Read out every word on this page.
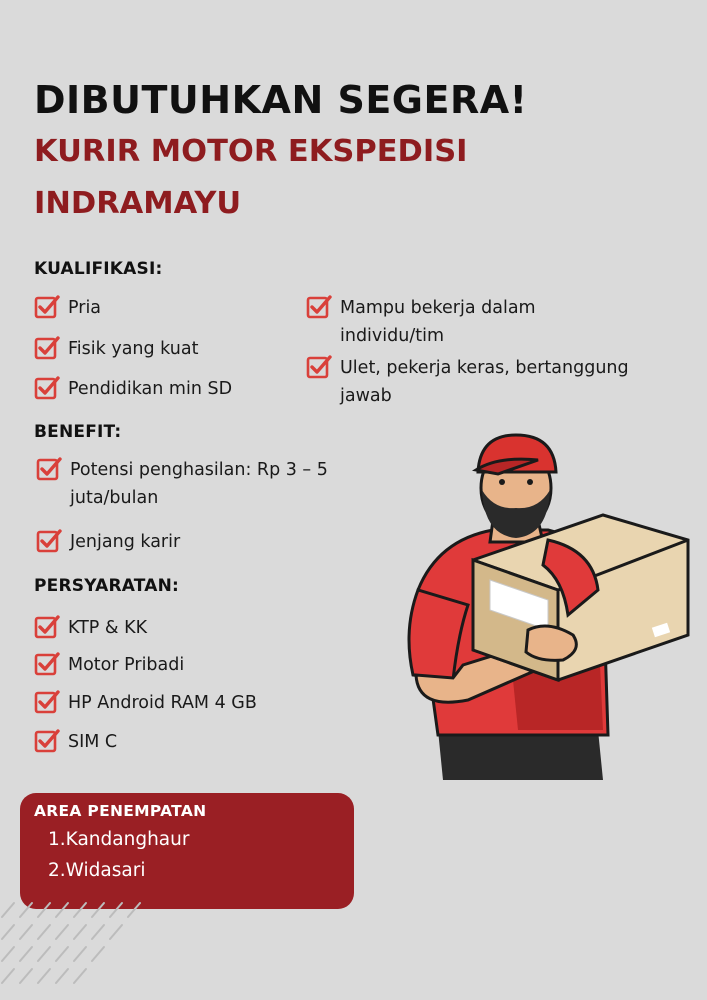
DIBUTUHKAN SEGERA!
KURIR MOTOR EKSPEDISI INDRAMAYU
KUALIFIKASI:
Pria
Fisik yang kuat
Pendidikan min SD
Mampu bekerja dalam
individu/tim
Ulet, pekerja keras, bertanggung
jawab
BENEFIT:
Potensi penghasilan: Rp 3 – 5
juta/bulan
Jenjang karir
PERSYARATAN:
KTP & KK
Motor Pribadi
HP Android RAM 4 GB
SIM C
AREA PENEMPATAN
1.Kandanghaur
2.Widasari
